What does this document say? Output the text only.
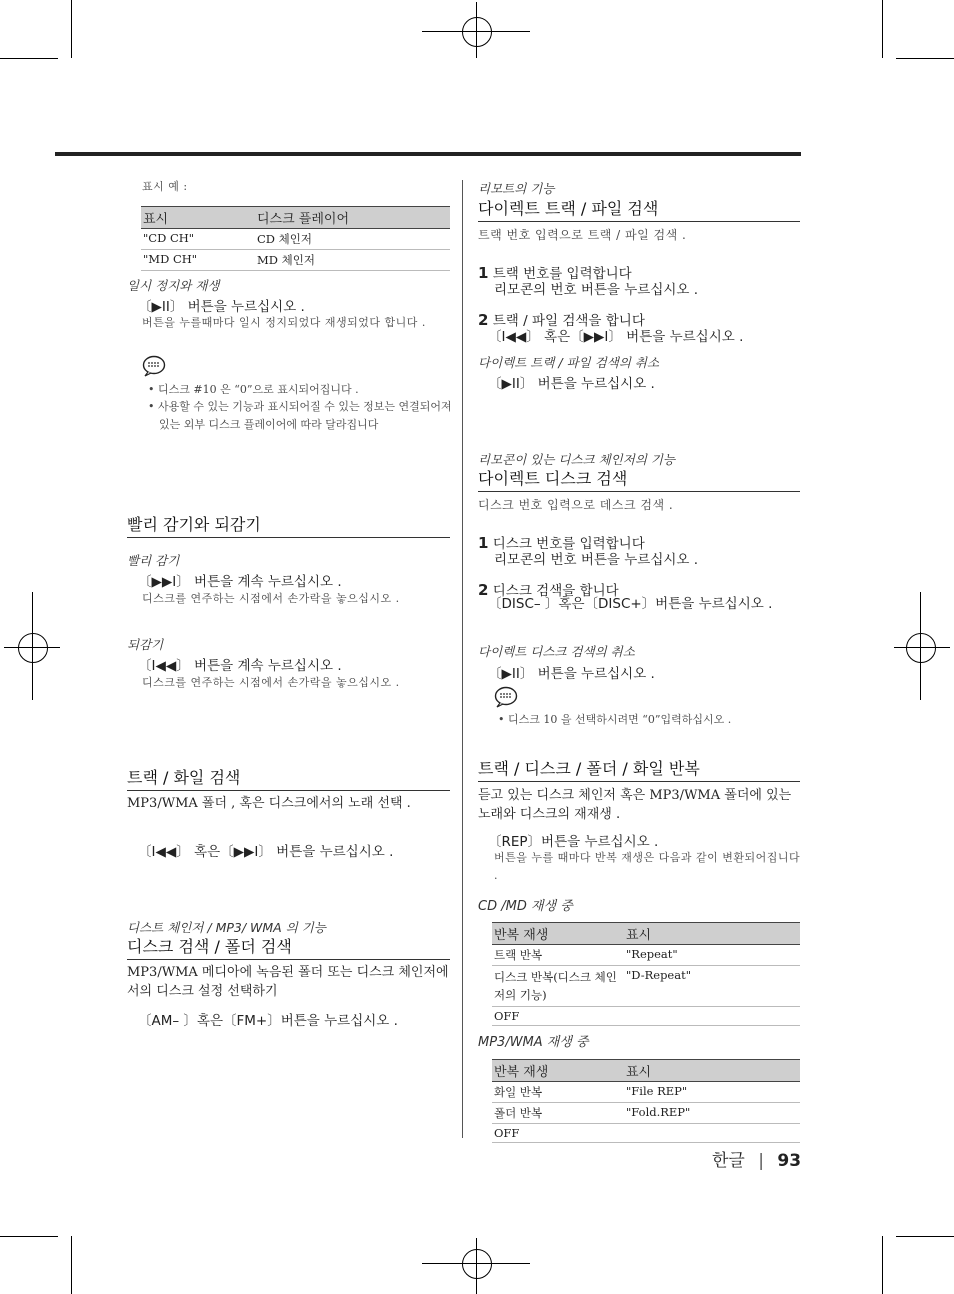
표시 예 :
표시	디스크 플레이어
"CD CH"	CD 체인저
"MD CH"	MD 체인저
일시 정지와 재생
〔▶II〕 버튼을 누르십시오 .
버튼을 누를때마다 일시 정지되었다 재생되었다 합니다 .
• 디스크 #10 은 “0”으로 표시되어집니다 .
• 사용할 수 있는 기능과 표시되어질 수 있는 정보는 연결되어져 있는 외부 디스크 플레이어에 따라 달라집니다
빨리 감기와 되감기
빨리 감기
〔▶▶I〕 버튼을 계속 누르십시오 .
디스크를 연주하는 시점에서 손가락을 놓으십시오 .
되감기
〔I◀◀〕 버튼을 계속 누르십시오 .
디스크를 연주하는 시점에서 손가락을 놓으십시오 .
트랙 / 화일 검색
MP3/WMA 폴더 , 혹은 디스크에서의 노래 선택 .
〔I◀◀〕 혹은〔▶▶I〕 버튼을 누르십시오 .
디스트 체인저 / MP3/ WMA 의 기능
디스크 검색 / 폴더 검색
MP3/WMA 메디아에 녹음된 폴더 또는 디스크 체인저에서의 디스크 설정 선택하기
〔AM– 〕혹은〔FM+〕버튼을 누르십시오 .
리모트의 기능
다이렉트 트랙 / 파일 검색
트랙 번호 입력으로 트랙 / 파일 검색 .
1 트랙 번호를 입력합니다
리모콘의 번호 버튼을 누르십시오 .
2 트랙 / 파일 검색을 합니다
〔I◀◀〕 혹은〔▶▶I〕 버튼을 누르십시오 .
다이렉트 트랙 / 파일 검색의 취소
〔▶II〕 버튼을 누르십시오 .
리모콘이 있는 디스크 체인저의 기능
다이렉트 디스크 검색
디스크 번호 입력으로 데스크 검색 .
1 디스크 번호를 입력합니다
리모콘의 번호 버튼을 누르십시오 .
2 디스크 검색을 합니다
〔DISC– 〕혹은〔DISC+〕버튼을 누르십시오 .
다이렉트 디스크 검색의 취소
〔▶II〕 버튼을 누르십시오 .
• 디스크 10 을 선택하시려면 “0”입력하십시오 .
트랙 / 디스크 / 폴더 / 화일 반복
듣고 있는 디스크 체인저 혹은 MP3/WMA 폴더에 있는 노래와 디스크의 재재생 .
〔REP〕버튼을 누르십시오 .
버튼을 누를 때마다 반복 재생은 다음과 같이 변환되어집니다 .
CD /MD 재생 중
반복 재생	표시
트랙 반복	"Repeat"
디스크 반복(디스크 체인저의 기능)	"D-Repeat"
OFF	
MP3/WMA 재생 중
반복 재생	표시
화일 반복	"File REP"
폴더 반복	"Fold.REP"
OFF	
한글 | 93
